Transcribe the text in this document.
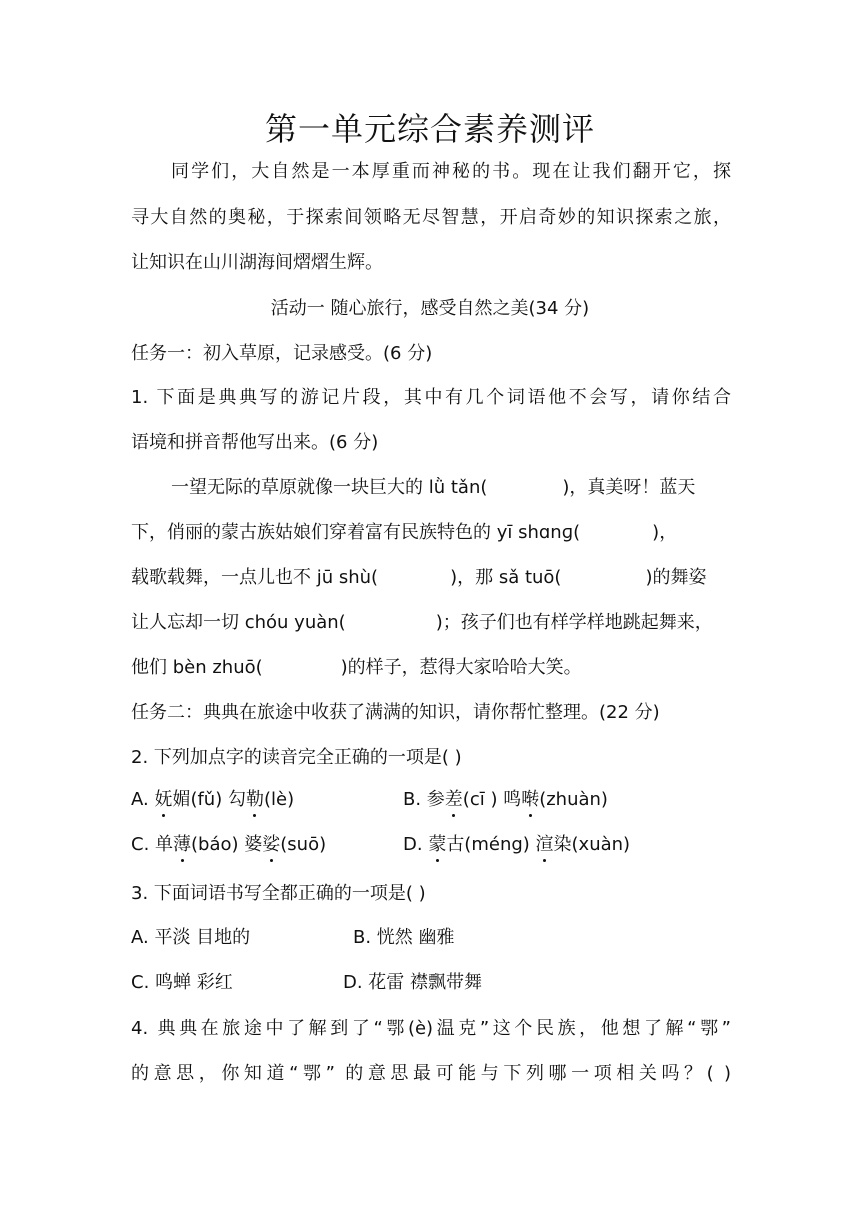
第一单元综合素养测评
同学们，大自然是一本厚重而神秘的书。现在让我们翻开它，探
寻大自然的奥秘，于探索间领略无尽智慧，开启奇妙的知识探索之旅，
让知识在山川湖海间熠熠生辉。
活动一 随心旅行，感受自然之美(34 分)
任务一：初入草原，记录感受。(6 分)
1. 下面是典典写的游记片段，其中有几个词语他不会写，请你结合
语境和拼音帮他写出来。(6 分)
一望无际的草原就像一块巨大的 lǜ tǎn(	)，真美呀！蓝天
下，俏丽的蒙古族姑娘们穿着富有民族特色的 yī shɑnɡ(	)，
载歌载舞，一点儿也不 jū shù(	)，那 sǎ tuō(	)的舞姿
让人忘却一切 chóu yuàn(	)；孩子们也有样学样地跳起舞来，
他们 bèn zhuō(	)的样子，惹得大家哈哈大笑。
任务二：典典在旅途中收获了满满的知识，请你帮忙整理。(22 分)
2. 下列加点字的读音完全正确的一项是( )
A. 妩媚(fǔ) 勾勒(lè)	B. 参差(cī ) 鸣啭(zhuàn)
C. 单薄(báo) 婆娑(suō)	D. 蒙古(méng) 渲染(xuàn)
3. 下面词语书写全都正确的一项是( )
A. 平淡 目地的	B. 恍然 幽雅
C. 鸣蝉 彩红	D. 花雷 襟飘带舞
4. 典典在旅途中了解到了“鄂(è)温克”这个民族，他想了解“鄂”
的意思，你知道“鄂” 的意思最可能与下列哪一项相关吗？( )
